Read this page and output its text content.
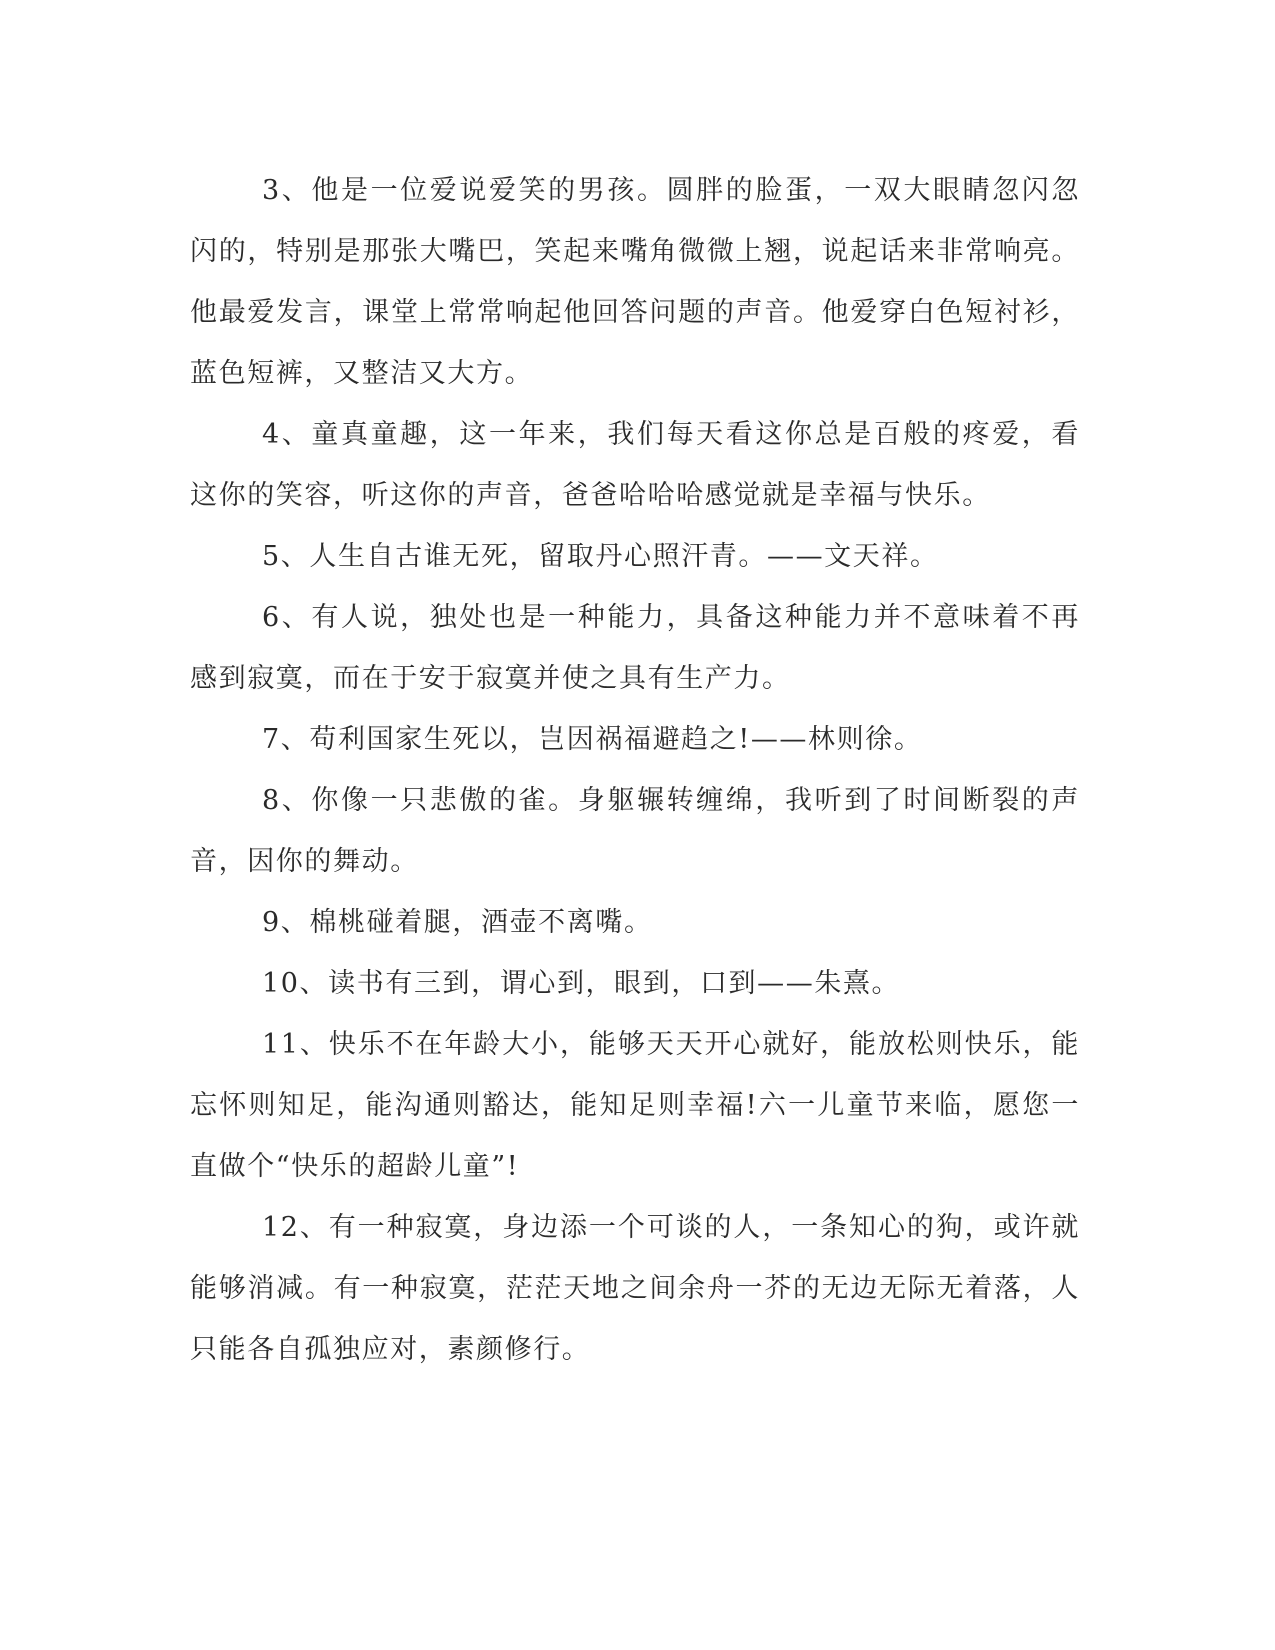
3、他是一位爱说爱笑的男孩。圆胖的脸蛋，一双大眼睛忽闪忽闪的，特别是那张大嘴巴，笑起来嘴角微微上翘，说起话来非常响亮。他最爱发言，课堂上常常响起他回答问题的声音。他爱穿白色短衬衫，蓝色短裤，又整洁又大方。

4、童真童趣，这一年来，我们每天看这你总是百般的疼爱，看这你的笑容，听这你的声音，爸爸哈哈哈感觉就是幸福与快乐。

5、人生自古谁无死，留取丹心照汗青。——文天祥。

6、有人说，独处也是一种能力，具备这种能力并不意味着不再感到寂寞，而在于安于寂寞并使之具有生产力。

7、苟利国家生死以，岂因祸福避趋之!——林则徐。

8、你像一只悲傲的雀。身躯辗转缠绵，我听到了时间断裂的声音，因你的舞动。

9、棉桃碰着腿，酒壶不离嘴。

10、读书有三到，谓心到，眼到，口到——朱熹。

11、快乐不在年龄大小，能够天天开心就好，能放松则快乐，能忘怀则知足，能沟通则豁达，能知足则幸福!六一儿童节来临，愿您一直做个“快乐的超龄儿童”!

12、有一种寂寞，身边添一个可谈的人，一条知心的狗，或许就能够消减。有一种寂寞，茫茫天地之间余舟一芥的无边无际无着落，人只能各自孤独应对，素颜修行。
